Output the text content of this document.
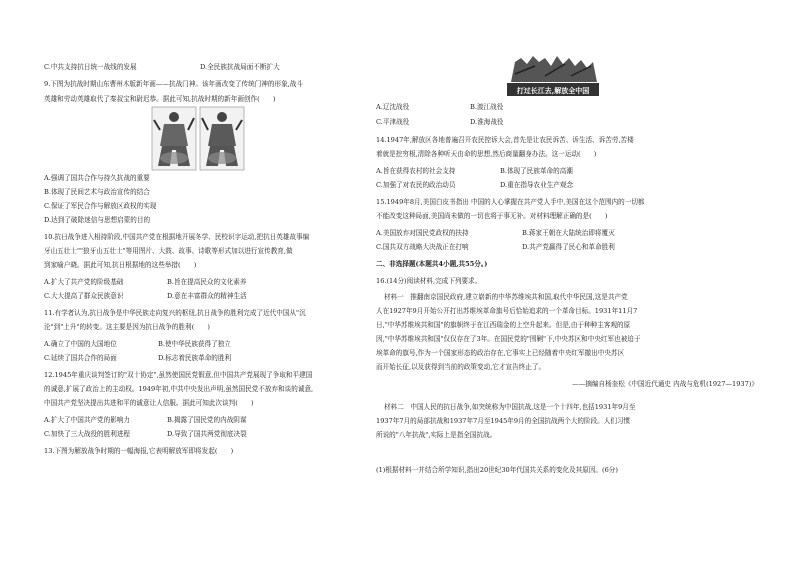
C.中共支持抗日统一战线的发展	D.全民族抗战局面不断扩大
9.下图为抗战时期山东曹州木版新年画——抗战门神。该年画改变了传统门神的形象,战斗
英雄和劳动英雄取代了秦叔宝和尉迟恭。据此可知,抗战时期的新年画创作(　　)
A.强调了国共合作与持久抗战的重要
B.体现了民间艺术与政治宣传的结合
C.保证了军民合作与解放区政权的实现
D.达到了破除迷信与思想启蒙的目的
10.抗日战争进入相持阶段,中国共产党在根据地开展冬学、民校识字运动,把抗日英雄故事编
牙山五壮士""狼牙山五壮士"等用图片、大鼓、故事、诗歌等形式加以进行宣传教育,做
到家喻户晓。据此可知,抗日根据地的这些举措(　　)
A.扩大了共产党的阶级基础	B.旨在提高民众的文化素养
C.大大提高了群众民族意识	D.意在丰富群众的精神生活
11.有学者认为,抗日战争是中华民族走向复兴的枢纽,抗日战争的胜利完成了近代中国从"沉
沦"到"上升"的转变。这主要是因为抗日战争的胜利(　　)
A.确立了中国的大国地位	B.使中华民族获得了独立
C.延续了国共合作的局面	D.标志着民族革命的胜利
12.1945年重庆谈判签订的"双十协定",虽然使国民党假意,但中国共产党展现了争取和平建国
的诚意,扩展了政治上的主动权。1949年初,中共中央发出声明,虽然国民党不放弃和谈的诚意,
中国共产党坚决提出共进和平的诚意让人信服。据此可知此次谈判(　　)
A.扩大了中国共产党的影响力	B.揭露了国民党的内战阴谋
C.加快了三大战役的胜利进程	D.导致了国共两党彻底决裂
13.下图为解放战争时期的一幅海报,它表明解放军即将发起(　　)
打过长江去,解放全中国
A.辽沈战役	B.渡江战役
C.平津战役	D.淮海战役
14.1947年,解放区各地普遍召开农民控诉大会,首先是让农民诉苦、诉生活、诉苦劳,苦楼
着就是挖穷根,清除各种听天由命的思想,然后商量翻身办法。这一运动(　　)
A.旨在获得农村的社会支持	B.体现了民族革命的高潮
C.加强了对农民的政治动员	D.重在指导农业生产观念
15.1949年8月,美国白皮书指出 中国的人心掌握在共产党人手中,美国在这个范围内的一切都
不能改变这种局面,美国尚未做的一切也将于事无补。对材料理解正确的是(　　)
A.美国放弃对国民党政权的扶持	B.蒋家王朝在大陆统治即将覆灭
C.国共双方战略大决战正在打响	D.共产党赢得了民心和革命胜利
二、非选择题(本题共4小题,共55分。)
16.(14分)阅读材料,完成下列要求。
材料一　推翻南京国民政府,建立崭新的中华苏维埃共和国,取代中华民国,这是共产党
人在1927年9月开始公开打出苏维埃革命旗号后恰始追求的一个革命目标。1931年11月7
日,"中华苏维埃共和国"的旗帜终于在江西瑞金的上空升起来。但是,由于种种主客观的原
因,"中华苏维埃共和国"仅仅存在了3年。在国民党的"围剿"下,中央苏区和中央红军也被迫于
埃革命的旗号,作为一个国家形态的政治存在,它事实上已经随着中央红军撤出中央苏区
而开始长征,以及获得到当前的政策变动,它才宣告终止了。
——摘编自杨奎松《中国近代通史 内战与危机(1927—1937)》
材料二　中国人民的抗日战争,如突统称为中国抗战,这是一个十四年,也括1931年9月至
1937年7月的局部抗战和1937年7月至1945年9月的全国抗战两个大的阶段。人们习惯
所说的"八年抗战",实际上是指全国抗战。
(1)根据材料一并结合所学知识,指出20世纪30年代国共关系的变化及其原因。(6分)
